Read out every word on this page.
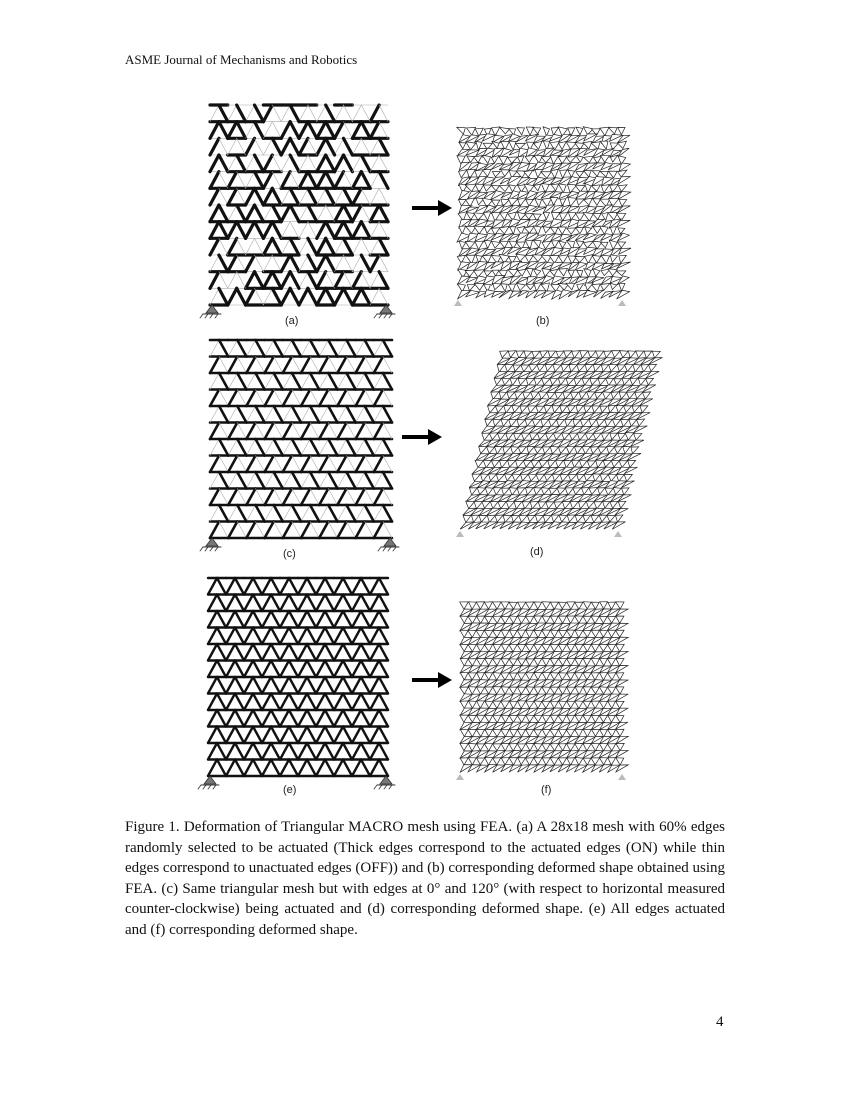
ASME Journal of Mechanisms and Robotics
(a)	(b)
(c)	(d)
(e)	(f)
Figure 1. Deformation of Triangular MACRO mesh using FEA. (a) A 28x18 mesh with 60% edges randomly selected to be actuated (Thick edges correspond to the actuated edges (ON) while thin edges correspond to unactuated edges (OFF)) and (b) corresponding deformed shape obtained using FEA. (c) Same triangular mesh but with edges at 0° and 120° (with respect to horizontal measured counter-clockwise) being actuated and (d) corresponding deformed shape. (e) All edges actuated and (f) corresponding deformed shape.
4
